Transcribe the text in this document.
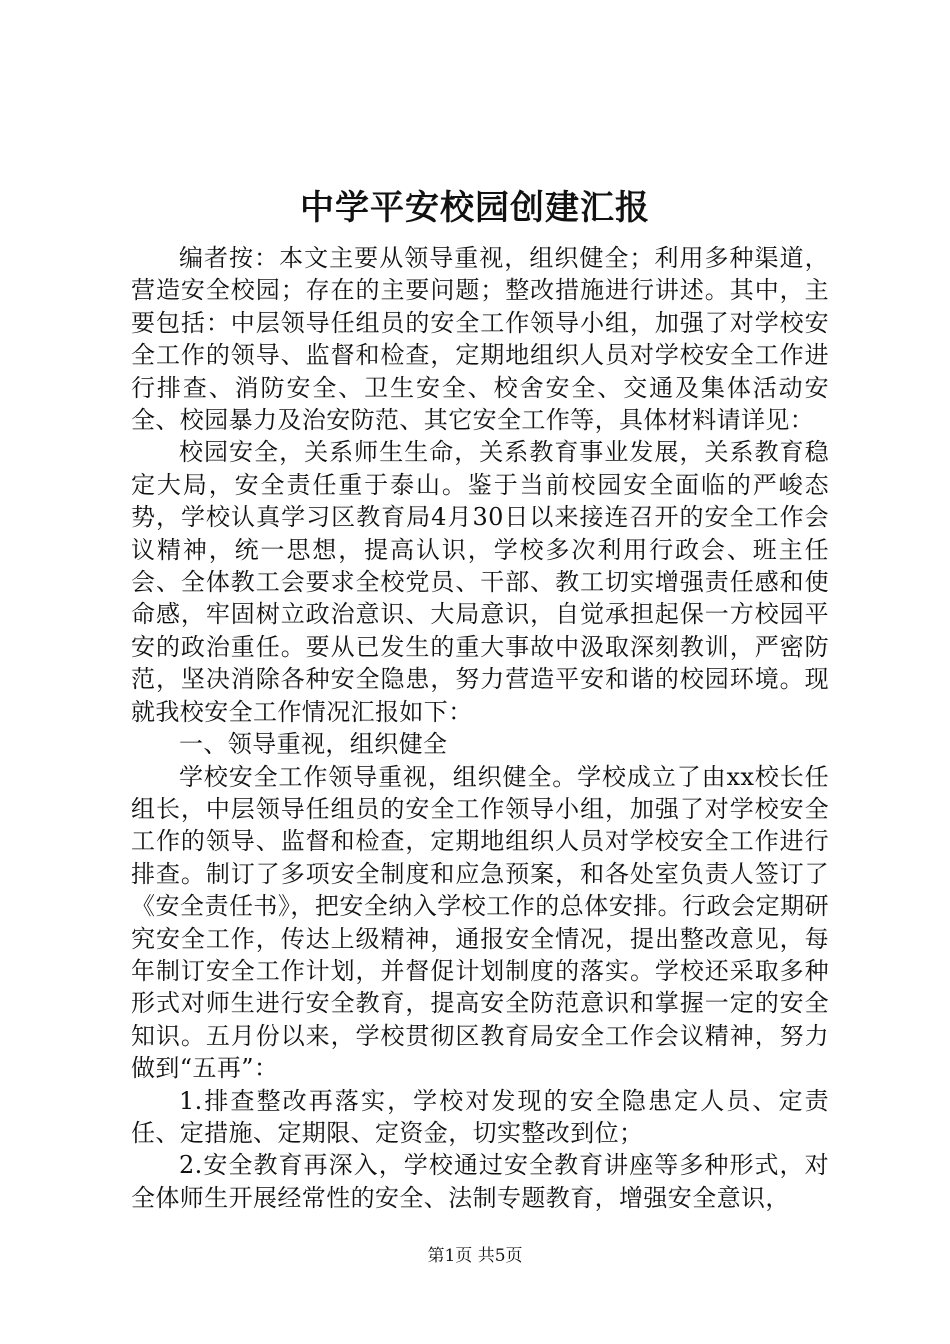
中学平安校园创建汇报

编者按：本文主要从领导重视，组织健全；利用多种渠道，营造安全校园；存在的主要问题；整改措施进行讲述。其中，主要包括：中层领导任组员的安全工作领导小组，加强了对学校安全工作的领导、监督和检查，定期地组织人员对学校安全工作进行排查、消防安全、卫生安全、校舍安全、交通及集体活动安全、校园暴力及治安防范、其它安全工作等，具体材料请详见：

校园安全，关系师生生命，关系教育事业发展，关系教育稳定大局，安全责任重于泰山。鉴于当前校园安全面临的严峻态势，学校认真学习区教育局4月30日以来接连召开的安全工作会议精神，统一思想，提高认识，学校多次利用行政会、班主任会、全体教工会要求全校党员、干部、教工切实增强责任感和使命感，牢固树立政治意识、大局意识，自觉承担起保一方校园平安的政治重任。要从已发生的重大事故中汲取深刻教训，严密防范，坚决消除各种安全隐患，努力营造平安和谐的校园环境。现就我校安全工作情况汇报如下：

一、领导重视，组织健全

学校安全工作领导重视，组织健全。学校成立了由xx校长任组长，中层领导任组员的安全工作领导小组，加强了对学校安全工作的领导、监督和检查，定期地组织人员对学校安全工作进行排查。制订了多项安全制度和应急预案，和各处室负责人签订了《安全责任书》，把安全纳入学校工作的总体安排。行政会定期研究安全工作，传达上级精神，通报安全情况，提出整改意见，每年制订安全工作计划，并督促计划制度的落实。学校还采取多种形式对师生进行安全教育，提高安全防范意识和掌握一定的安全知识。五月份以来，学校贯彻区教育局安全工作会议精神，努力做到“五再”：

1.排查整改再落实，学校对发现的安全隐患定人员、定责任、定措施、定期限、定资金，切实整改到位；

2.安全教育再深入，学校通过安全教育讲座等多种形式，对全体师生开展经常性的安全、法制专题教育，增强安全意识，

第1页 共5页
